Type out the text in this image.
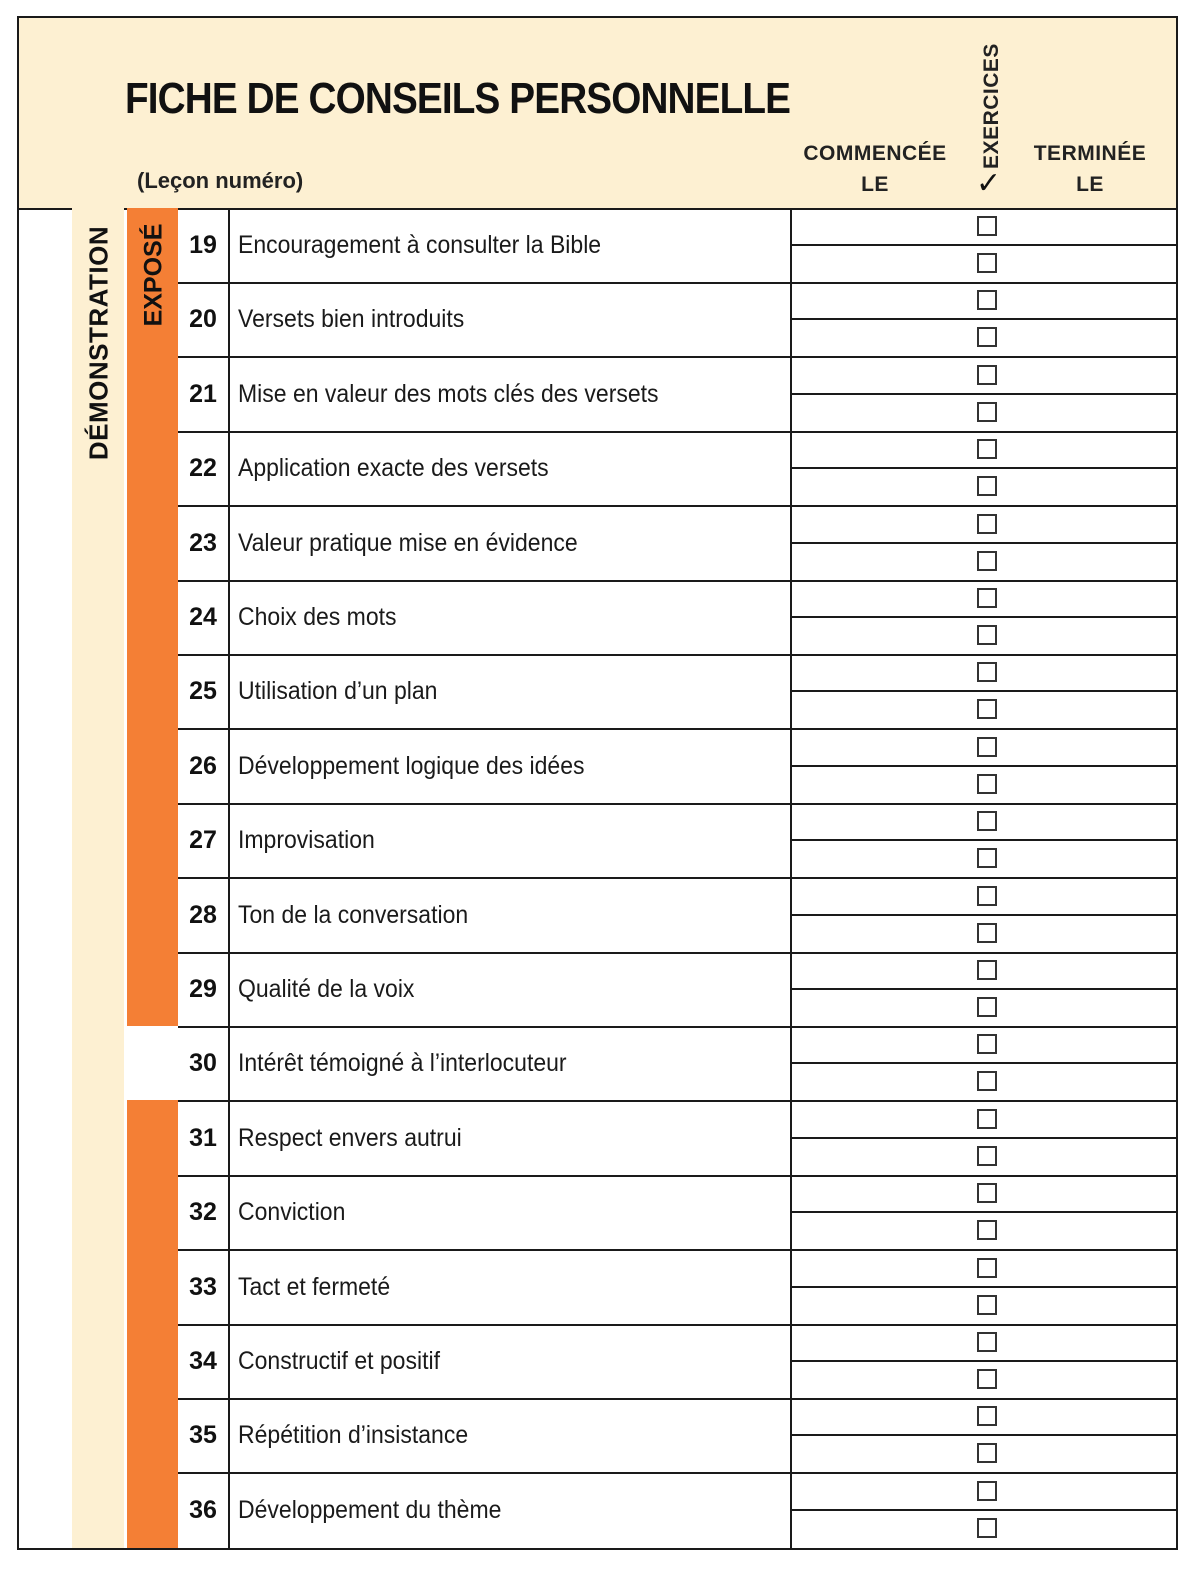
FICHE DE CONSEILS PERSONNELLE
(Leçon numéro)
COMMENCÉE
LE
EXERCICES
✓
TERMINÉE
LE
DÉMONSTRATION EXPOSÉ 19 Encouragement à consulter la Bible
20 Versets bien introduits
21 Mise en valeur des mots clés des versets
22 Application exacte des versets
23 Valeur pratique mise en évidence
24 Choix des mots
25 Utilisation d’un plan
26 Développement logique des idées
27 Improvisation
28 Ton de la conversation
29 Qualité de la voix
30 Intérêt témoigné à l’interlocuteur
31 Respect envers autrui
32 Conviction
33 Tact et fermeté
34 Constructif et positif
35 Répétition d’insistance
36 Développement du thème
